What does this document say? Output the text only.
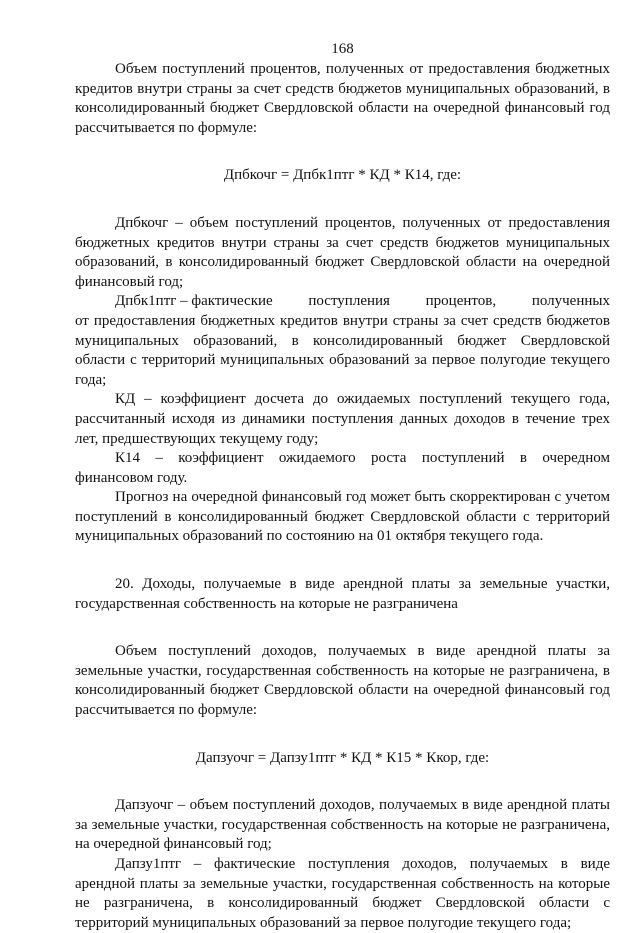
168

Объем поступлений процентов, полученных от предоставления бюджетных кредитов внутри страны за счет средств бюджетов муниципальных образований, в консолидированный бюджет Свердловской области на очередной финансовый год рассчитывается по формуле:

Дпбкочг = Дпбк1птг * КД * К14, где:

Дпбкочг – объем поступлений процентов, полученных от предоставления бюджетных кредитов внутри страны за счет средств бюджетов муниципальных образований, в консолидированный бюджет Свердловской области на очередной финансовый год;

Дпбк1птг – фактические поступления процентов, полученных

от предоставления бюджетных кредитов внутри страны за счет средств бюджетов муниципальных образований, в консолидированный бюджет Свердловской области с территорий муниципальных образований за первое полугодие текущего года;

КД – коэффициент досчета до ожидаемых поступлений текущего года, рассчитанный исходя из динамики поступления данных доходов в течение трех лет, предшествующих текущему году;

К14 – коэффициент ожидаемого роста поступлений в очередном финансовом году.

Прогноз на очередной финансовый год может быть скорректирован с учетом поступлений в консолидированный бюджет Свердловской области с территорий муниципальных образований по состоянию на 01 октября текущего года.

20. Доходы, получаемые в виде арендной платы за земельные участки, государственная собственность на которые не разграничена

Объем поступлений доходов, получаемых в виде арендной платы за земельные участки, государственная собственность на которые не разграничена, в консолидированный бюджет Свердловской области на очередной финансовый год рассчитывается по формуле:

Дапзуочг = Дапзу1птг * КД * К15 * Ккор, где:

Дапзуочг – объем поступлений доходов, получаемых в виде арендной платы за земельные участки, государственная собственность на которые не разграничена, на очередной финансовый год;

Дапзу1птг – фактические поступления доходов, получаемых в виде арендной платы за земельные участки, государственная собственность на которые не разграничена, в консолидированный бюджет Свердловской области с территорий муниципальных образований за первое полугодие текущего года;
